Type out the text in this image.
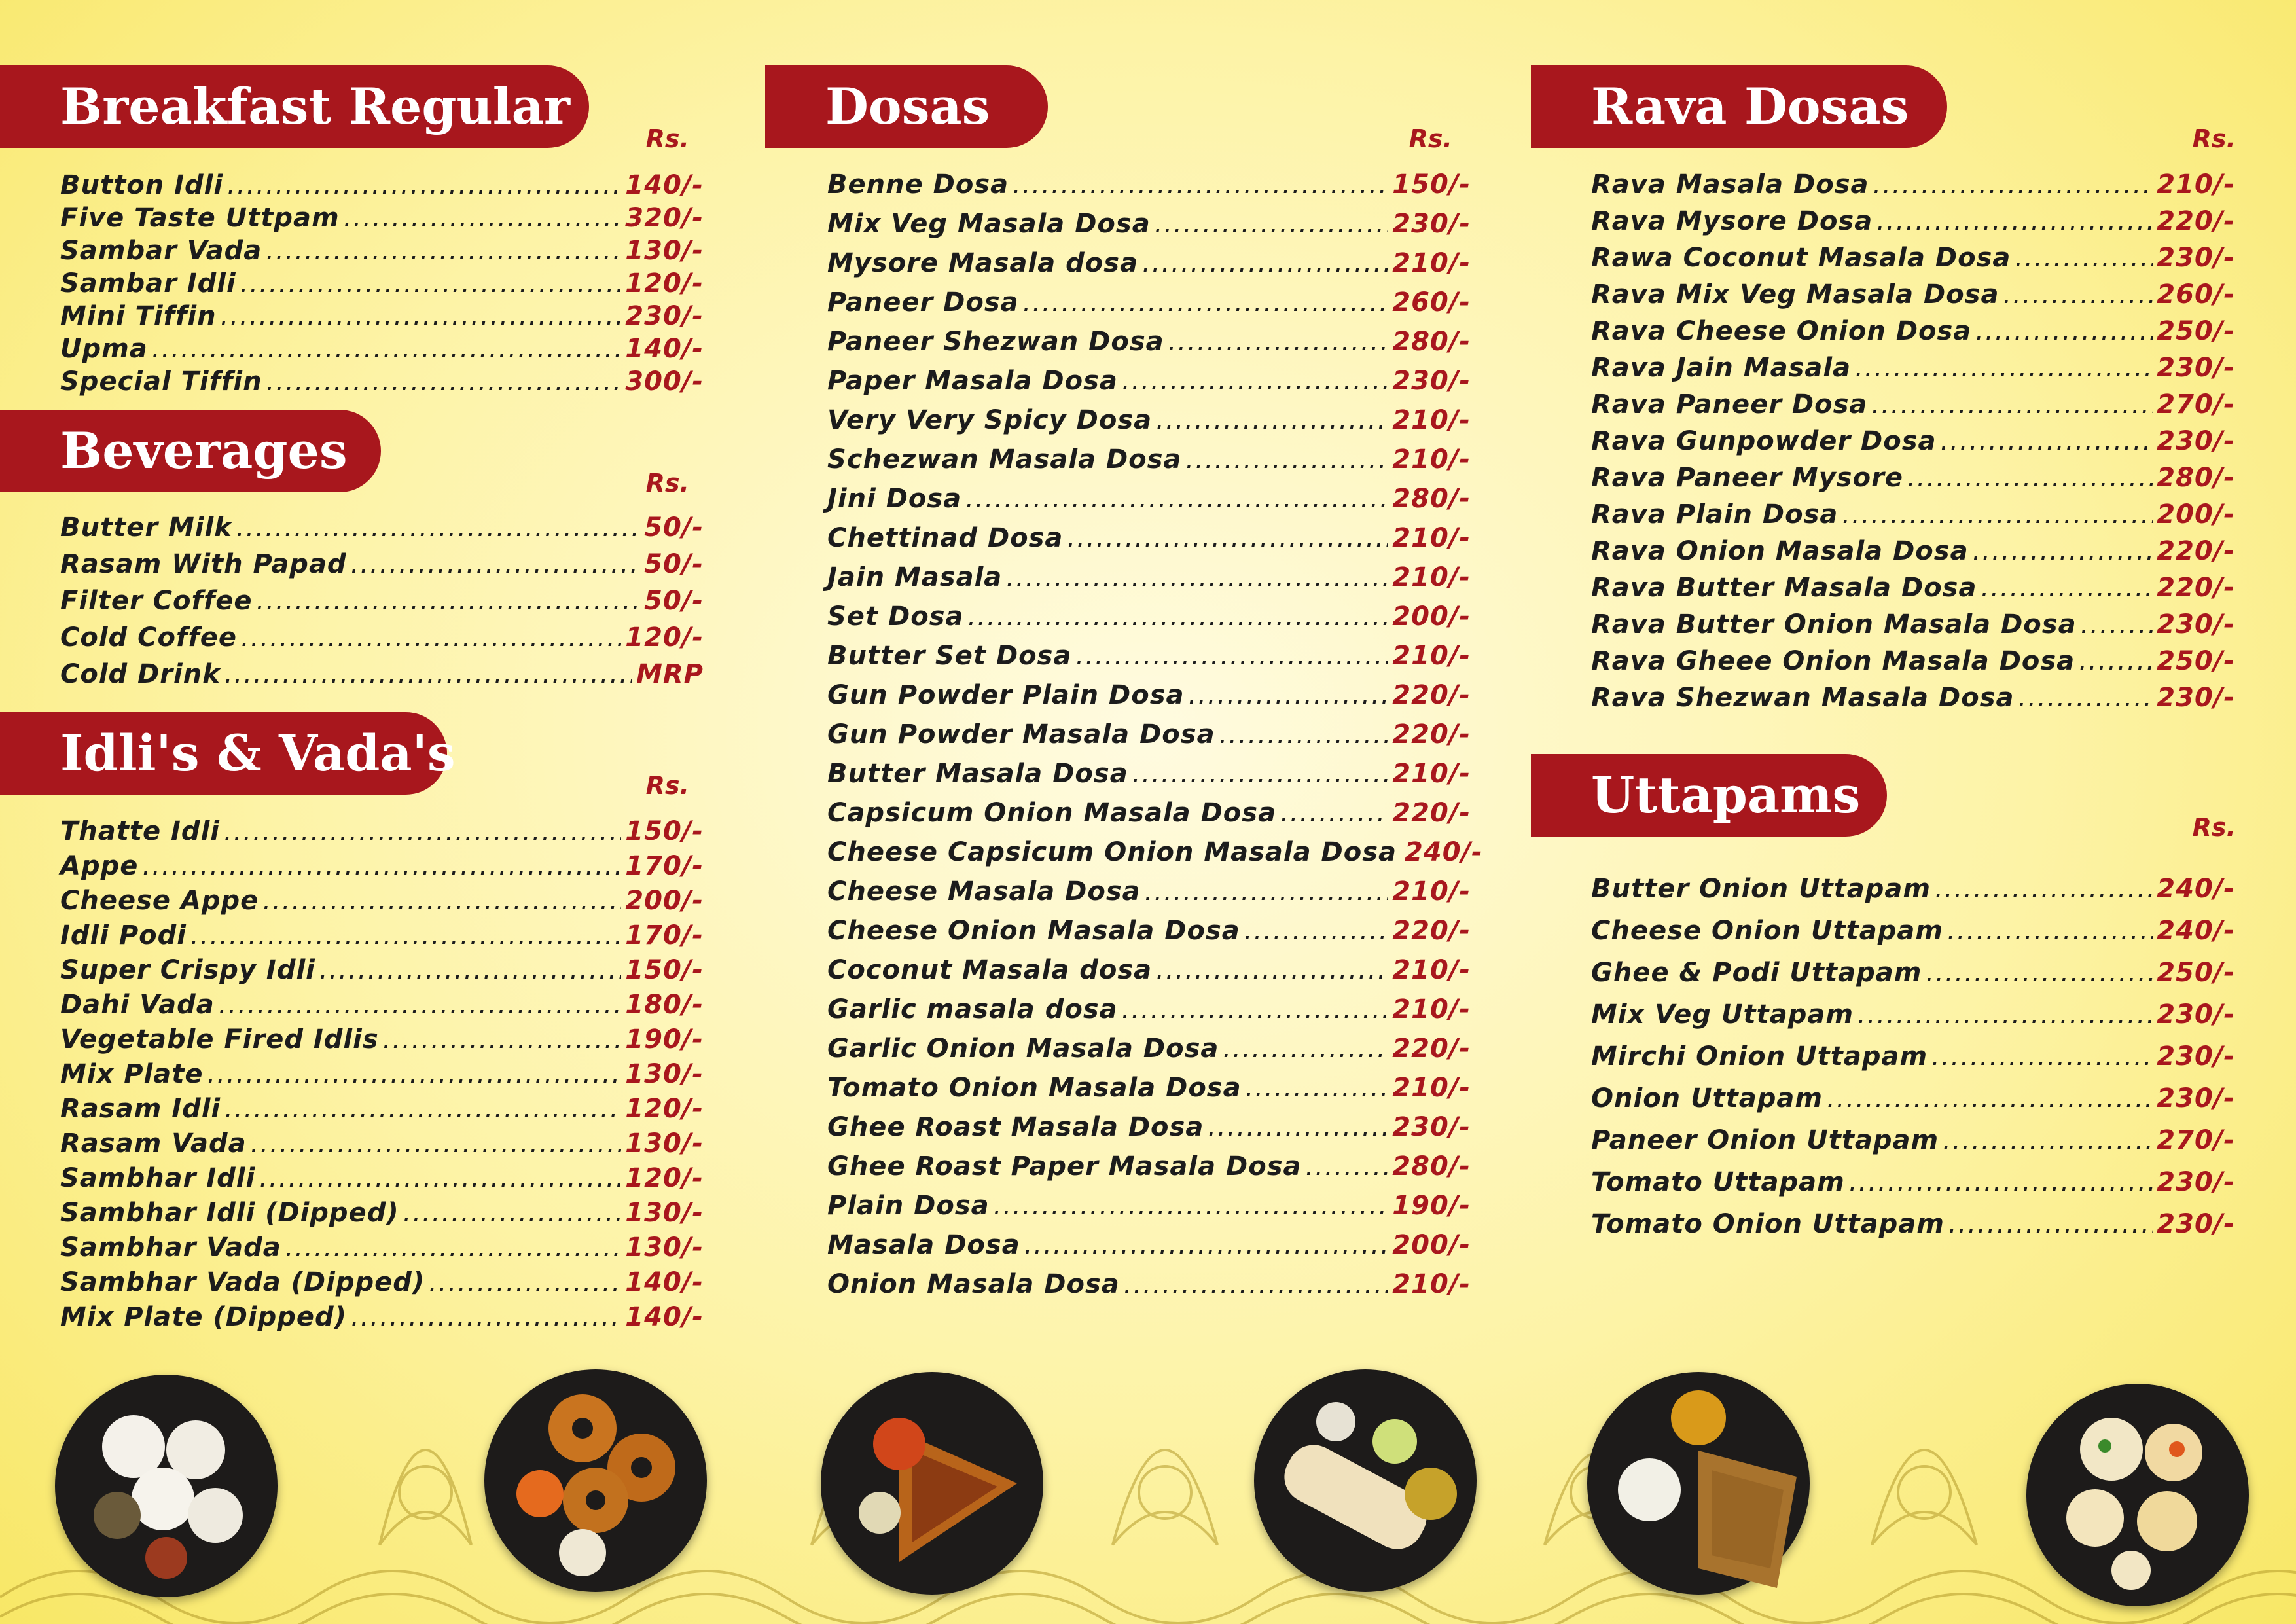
Breakfast Regular
Rs.
Button Idli .....	140/-
Five Taste Uttpam .....	320/-
Sambar Vada .....	130/-
Sambar Idli .....	120/-
Mini Tiffin .....	230/-
Upma .....	140/-
Special Tiffin .....	300/-
Beverages
Rs.
Butter Milk .....	50/-
Rasam With Papad .....	50/-
Filter Coffee .....	50/-
Cold Coffee .....	120/-
Cold Drink .....	MRP
Idli's & Vada's
Rs.
Thatte Idli .....	150/-
Appe .....	170/-
Cheese Appe .....	200/-
Idli Podi .....	170/-
Super Crispy Idli .....	150/-
Dahi Vada .....	180/-
Vegetable Fired Idlis .....	190/-
Mix Plate .....	130/-
Rasam Idli .....	120/-
Rasam Vada .....	130/-
Sambhar Idli .....	120/-
Sambhar Idli (Dipped) .....	130/-
Sambhar Vada .....	130/-
Sambhar Vada (Dipped) .....	140/-
Mix Plate (Dipped) .....	140/-
Dosas
Rs.
Benne Dosa .....	150/-
Mix Veg Masala Dosa .....	230/-
Mysore Masala dosa .....	210/-
Paneer Dosa .....	260/-
Paneer Shezwan Dosa .....	280/-
Paper Masala Dosa .....	230/-
Very Very Spicy Dosa .....	210/-
Schezwan Masala Dosa .....	210/-
Jini Dosa .....	280/-
Chettinad Dosa .....	210/-
Jain Masala .....	210/-
Set Dosa .....	200/-
Butter Set Dosa .....	210/-
Gun Powder Plain Dosa .....	220/-
Gun Powder Masala Dosa .....	220/-
Butter Masala Dosa .....	210/-
Capsicum Onion Masala Dosa .....	220/-
Cheese Capsicum Onion Masala Dosa 240/-
Cheese Masala Dosa .....	210/-
Cheese Onion Masala Dosa .....	220/-
Coconut Masala dosa .....	210/-
Garlic masala dosa .....	210/-
Garlic Onion Masala Dosa .....	220/-
Tomato Onion Masala Dosa .....	210/-
Ghee Roast Masala Dosa .....	230/-
Ghee Roast Paper Masala Dosa .....	280/-
Plain Dosa .....	190/-
Masala Dosa .....	200/-
Onion Masala Dosa .....	210/-
Rava Dosas
Rs.
Rava Masala Dosa .....	210/-
Rava Mysore Dosa .....	220/-
Rawa Coconut Masala Dosa .....	230/-
Rava Mix Veg Masala Dosa .....	260/-
Rava Cheese Onion Dosa .....	250/-
Rava Jain Masala .....	230/-
Rava Paneer Dosa .....	270/-
Rava Gunpowder Dosa .....	230/-
Rava Paneer Mysore .....	280/-
Rava Plain Dosa .....	200/-
Rava Onion Masala Dosa .....	220/-
Rava Butter Masala Dosa .....	220/-
Rava Butter Onion Masala Dosa .....	230/-
Rava Gheee Onion Masala Dosa .....	250/-
Rava Shezwan Masala Dosa .....	230/-
Uttapams
Rs.
Butter Onion Uttapam .....	240/-
Cheese Onion Uttapam .....	240/-
Ghee & Podi Uttapam .....	250/-
Mix Veg Uttapam .....	230/-
Mirchi Onion Uttapam .....	230/-
Onion Uttapam .....	230/-
Paneer Onion Uttapam .....	270/-
Tomato Uttapam .....	230/-
Tomato Onion Uttapam .....	230/-
